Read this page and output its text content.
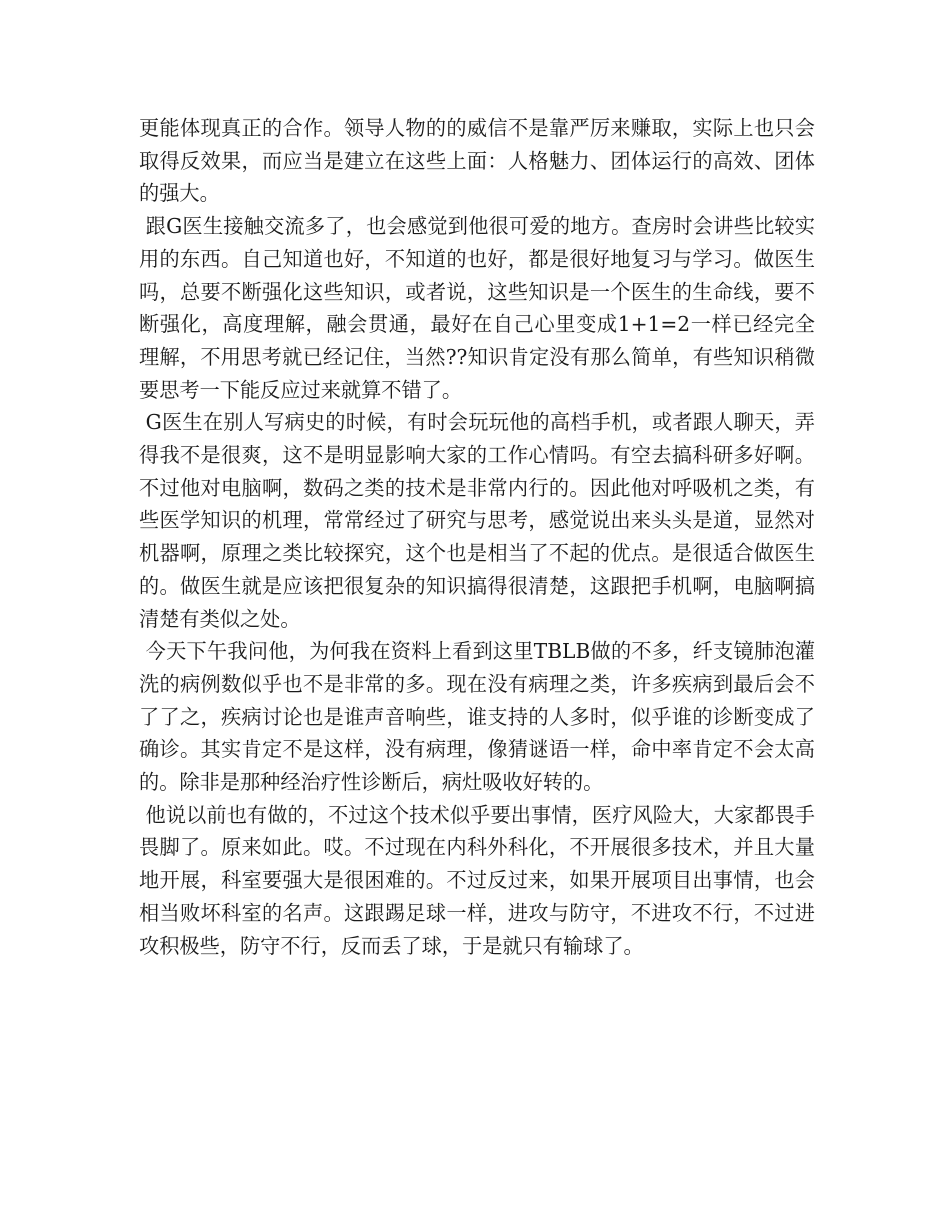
更能体现真正的合作。领导人物的的威信不是靠严厉来赚取，实际上也只会取得反效果，而应当是建立在这些上面：人格魅力、团体运行的高效、团体的强大。

跟G医生接触交流多了，也会感觉到他很可爱的地方。查房时会讲些比较实用的东西。自己知道也好，不知道的也好，都是很好地复习与学习。做医生吗，总要不断强化这些知识，或者说，这些知识是一个医生的生命线，要不断强化，高度理解，融会贯通，最好在自己心里变成1+1=2一样已经完全理解，不用思考就已经记住，当然??知识肯定没有那么简单，有些知识稍微要思考一下能反应过来就算不错了。

G医生在别人写病史的时候，有时会玩玩他的高档手机，或者跟人聊天，弄得我不是很爽，这不是明显影响大家的工作心情吗。有空去搞科研多好啊。不过他对电脑啊，数码之类的技术是非常内行的。因此他对呼吸机之类，有些医学知识的机理，常常经过了研究与思考，感觉说出来头头是道，显然对机器啊，原理之类比较探究，这个也是相当了不起的优点。是很适合做医生的。做医生就是应该把很复杂的知识搞得很清楚，这跟把手机啊，电脑啊搞清楚有类似之处。

今天下午我问他，为何我在资料上看到这里TBLB做的不多，纤支镜肺泡灌洗的病例数似乎也不是非常的多。现在没有病理之类，许多疾病到最后会不了了之，疾病讨论也是谁声音响些，谁支持的人多时，似乎谁的诊断变成了确诊。其实肯定不是这样，没有病理，像猜谜语一样，命中率肯定不会太高的。除非是那种经治疗性诊断后，病灶吸收好转的。

他说以前也有做的，不过这个技术似乎要出事情，医疗风险大，大家都畏手畏脚了。原来如此。哎。不过现在内科外科化，不开展很多技术，并且大量地开展，科室要强大是很困难的。不过反过来，如果开展项目出事情，也会相当败坏科室的名声。这跟踢足球一样，进攻与防守，不进攻不行，不过进攻积极些，防守不行，反而丢了球，于是就只有输球了。
